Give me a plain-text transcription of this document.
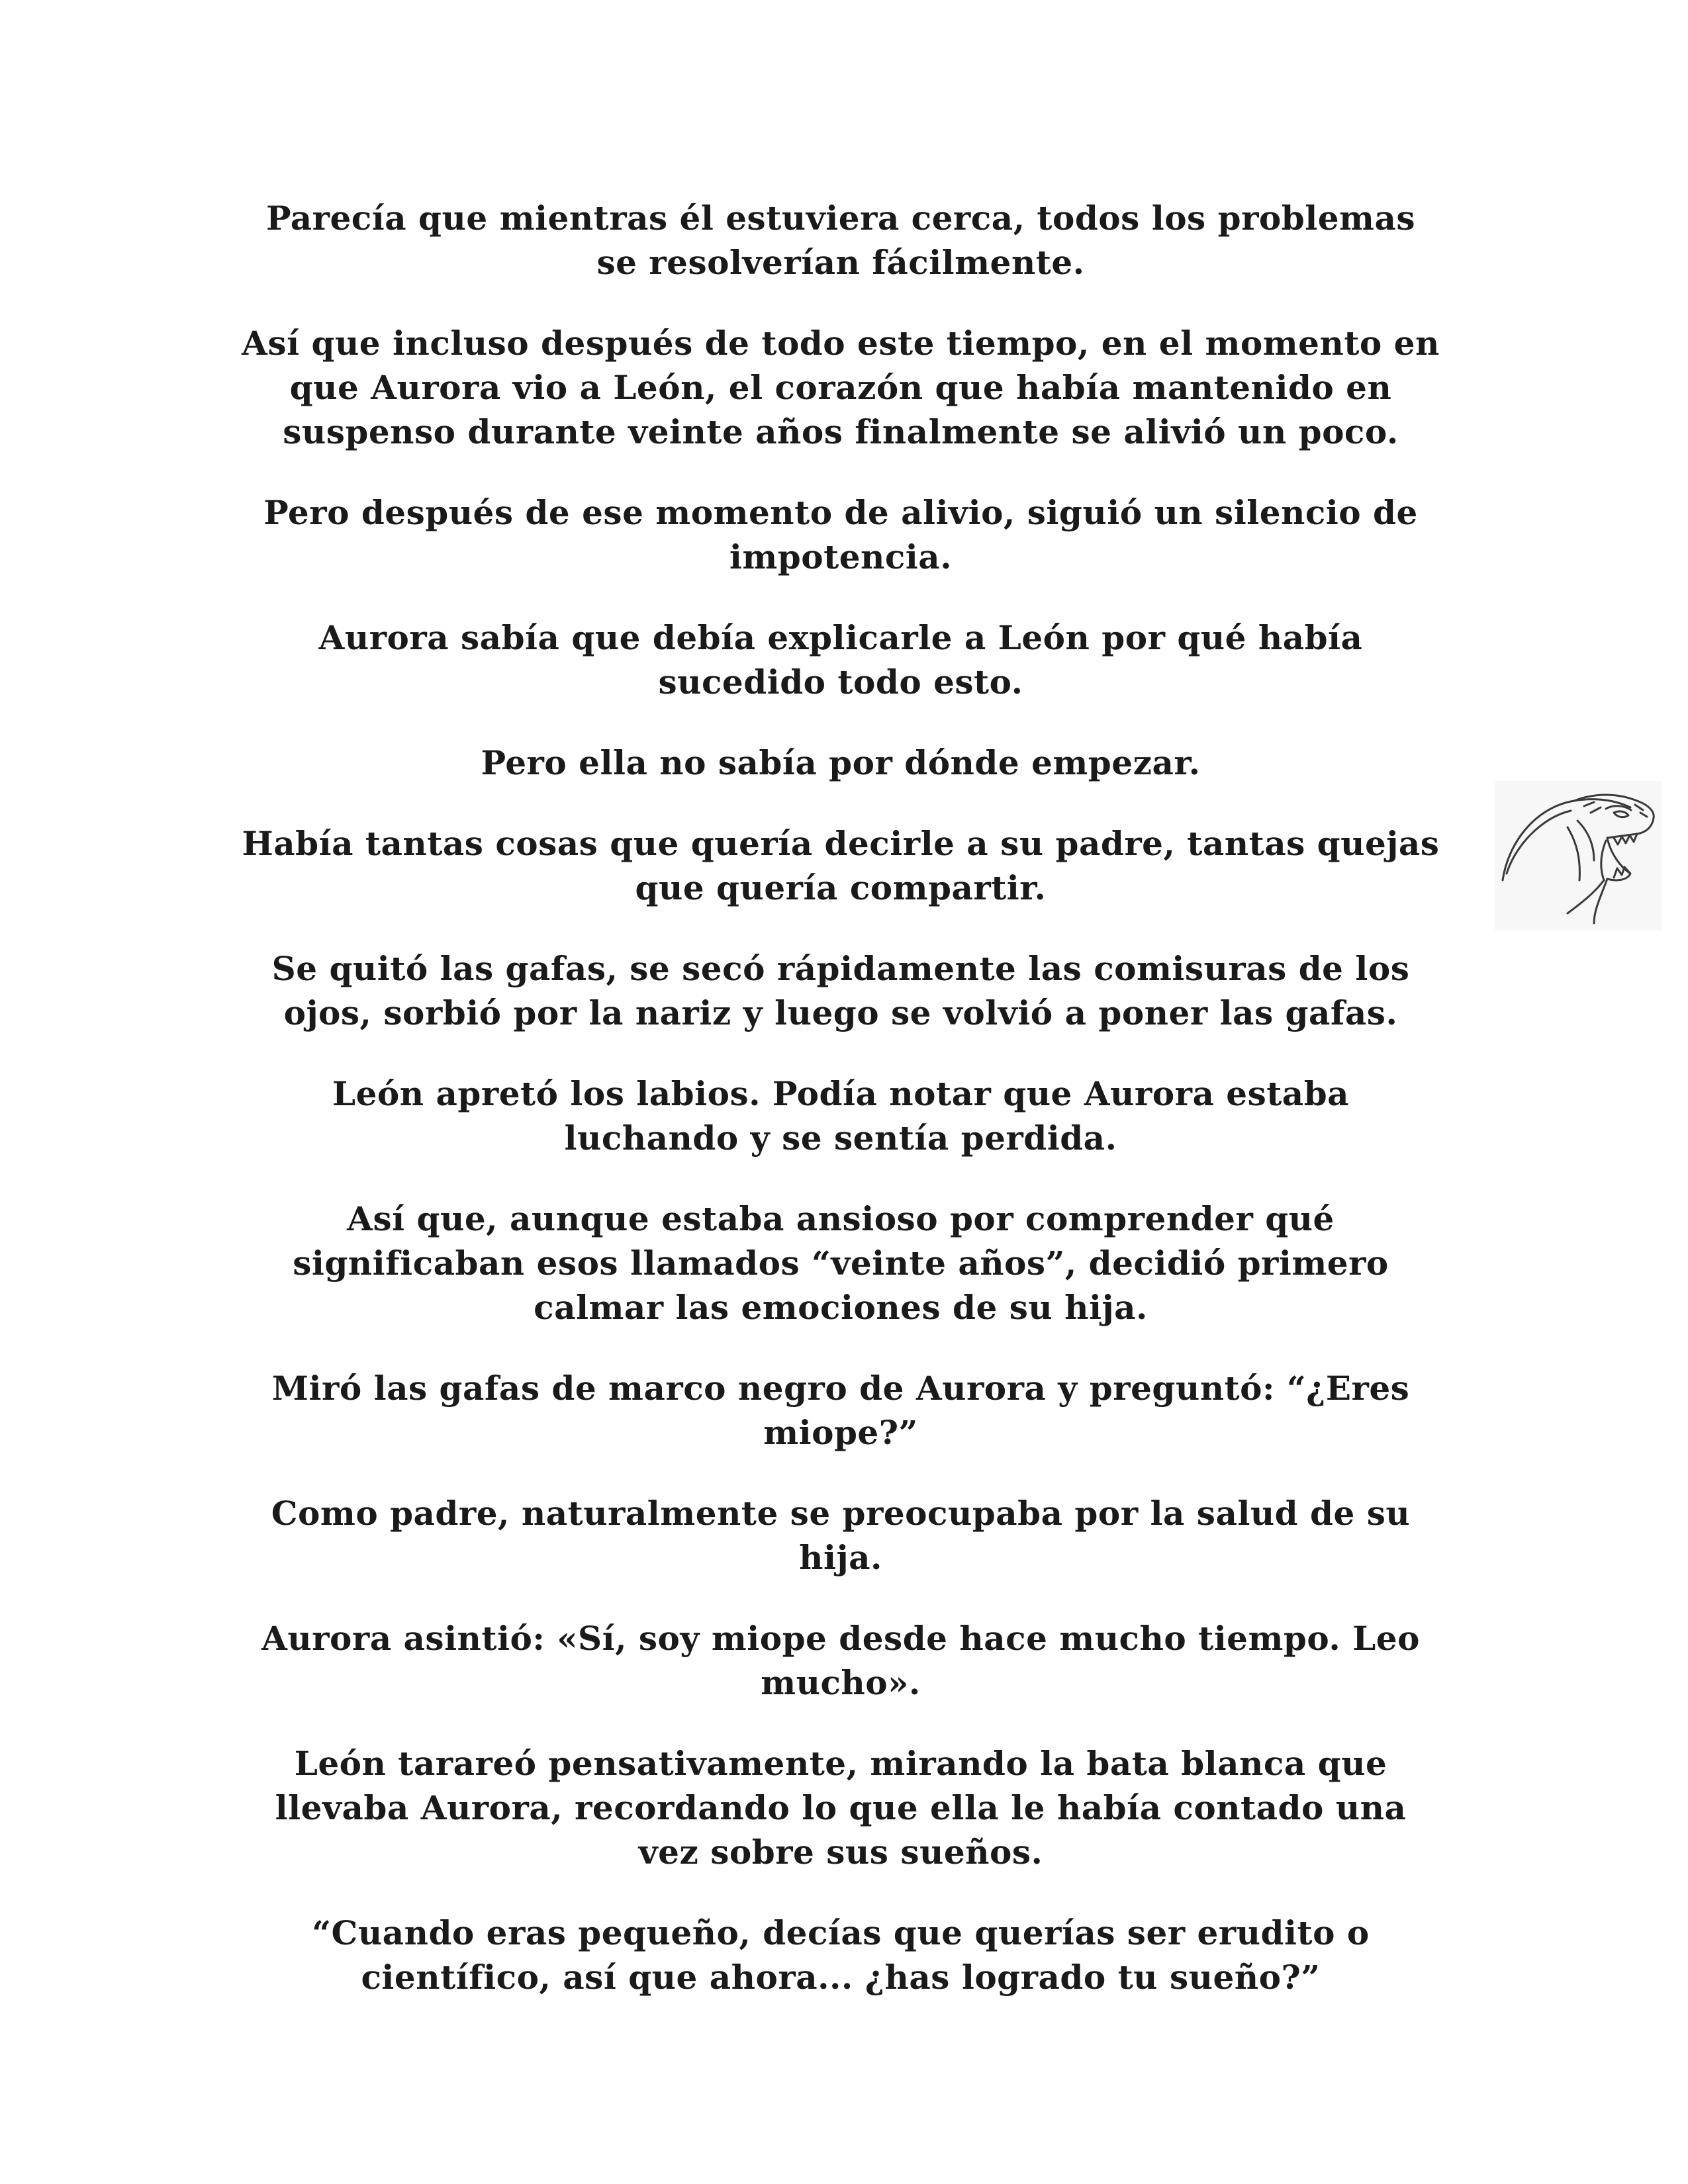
Parecía que mientras él estuviera cerca, todos los problemas
se resolverían fácilmente.

Así que incluso después de todo este tiempo, en el momento en
que Aurora vio a León, el corazón que había mantenido en
suspenso durante veinte años finalmente se alivió un poco.

Pero después de ese momento de alivio, siguió un silencio de
impotencia.

Aurora sabía que debía explicarle a León por qué había
sucedido todo esto.

Pero ella no sabía por dónde empezar.

Había tantas cosas que quería decirle a su padre, tantas quejas
que quería compartir.

Se quitó las gafas, se secó rápidamente las comisuras de los
ojos, sorbió por la nariz y luego se volvió a poner las gafas.

León apretó los labios. Podía notar que Aurora estaba
luchando y se sentía perdida.

Así que, aunque estaba ansioso por comprender qué
significaban esos llamados “veinte años”, decidió primero
calmar las emociones de su hija.

Miró las gafas de marco negro de Aurora y preguntó: “¿Eres
miope?”

Como padre, naturalmente se preocupaba por la salud de su
hija.

Aurora asintió: «Sí, soy miope desde hace mucho tiempo. Leo
mucho».

León tarareó pensativamente, mirando la bata blanca que
llevaba Aurora, recordando lo que ella le había contado una
vez sobre sus sueños.

“Cuando eras pequeño, decías que querías ser erudito o
científico, así que ahora... ¿has logrado tu sueño?”
